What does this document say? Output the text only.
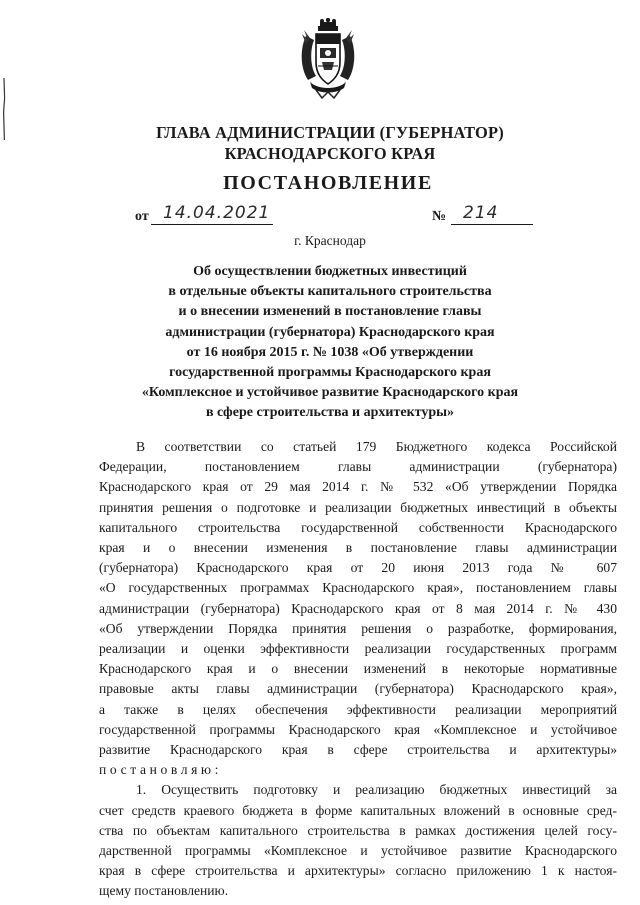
ГЛАВА АДМИНИСТРАЦИИ (ГУБЕРНАТОР)
КРАСНОДАРСКОГО КРАЯ
ПОСТАНОВЛЕНИЕ
от 14.04.2021	№ 214
г. Краснодар
Об осуществлении бюджетных инвестиций
в отдельные объекты капитального строительства
и о внесении изменений в постановление главы
администрации (губернатора) Краснодарского края
от 16 ноября 2015 г. № 1038 «Об утверждении
государственной программы Краснодарского края
«Комплексное и устойчивое развитие Краснодарского края
в сфере строительства и архитектуры»
В соответствии со статьей 179 Бюджетного кодекса Российской
Федерации, постановлением главы администрации (губернатора)
Краснодарского края от 29 мая 2014 г. № 532 «Об утверждении Порядка
принятия решения о подготовке и реализации бюджетных инвестиций в объекты
капитального строительства государственной собственности Краснодарского
края и о внесении изменения в постановление главы администрации
(губернатора) Краснодарского края от 20 июня 2013 года № 607
«О государственных программах Краснодарского края», постановлением главы
администрации (губернатора) Краснодарского края от 8 мая 2014 г. № 430
«Об утверждении Порядка принятия решения о разработке, формирования,
реализации и оценки эффективности реализации государственных программ
Краснодарского края и о внесении изменений в некоторые нормативные
правовые акты главы администрации (губернатора) Краснодарского края»,
а также в целях обеспечения эффективности реализации мероприятий
государственной программы Краснодарского края «Комплексное и устойчивое
развитие Краснодарского края в сфере строительства и архитектуры»
постановляю:
1. Осуществить подготовку и реализацию бюджетных инвестиций за
счет средств краевого бюджета в форме капитальных вложений в основные сред-
ства по объектам капитального строительства в рамках достижения целей госу-
дарственной программы «Комплексное и устойчивое развитие Краснодарского
края в сфере строительства и архитектуры» согласно приложению 1 к настоя-
щему постановлению.
